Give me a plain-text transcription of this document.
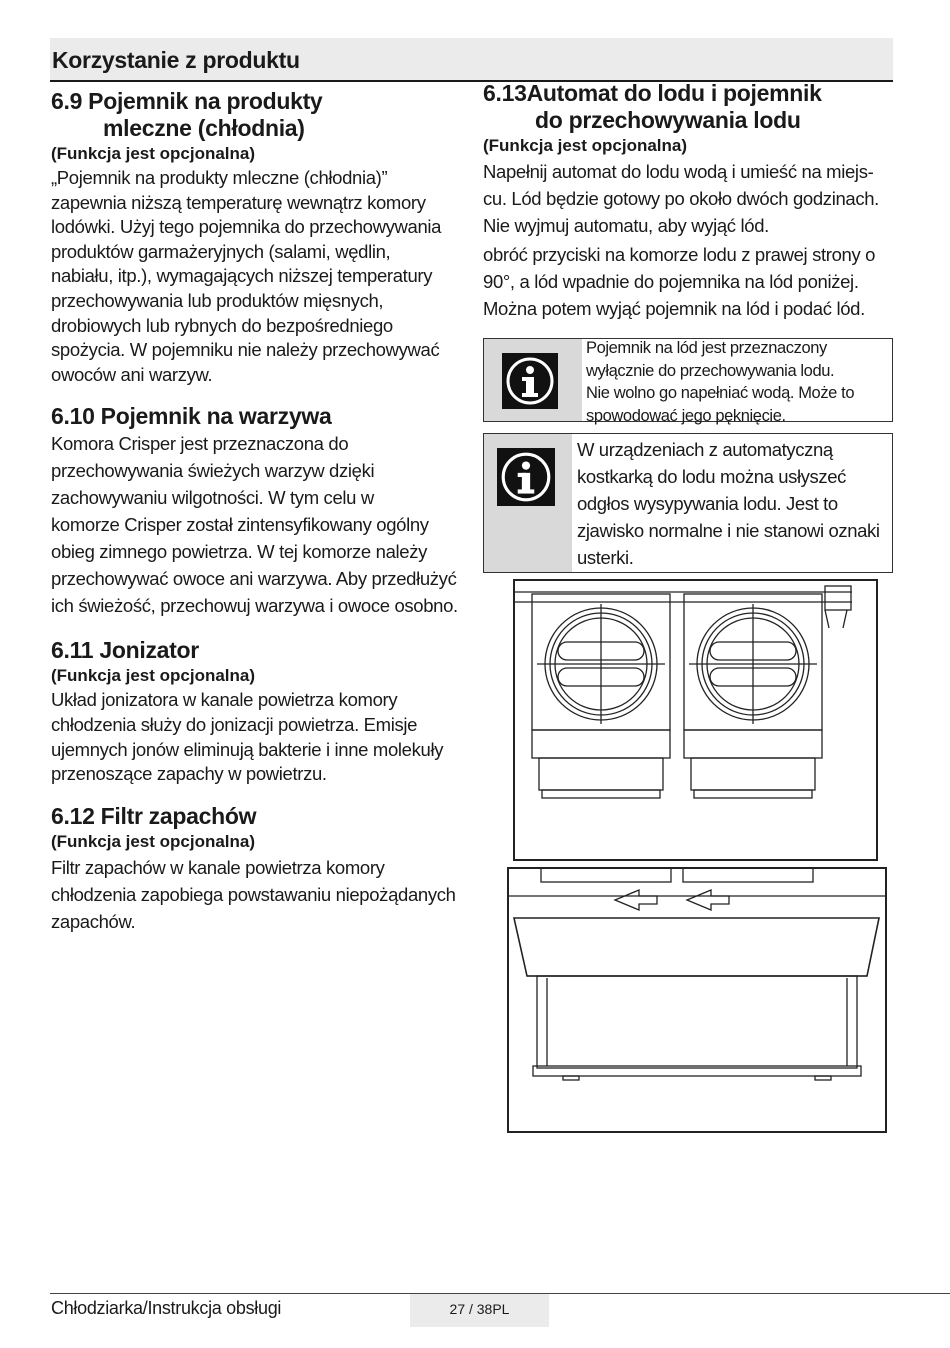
Korzystanie z produktu
6.9 Pojemnik na produkty
mleczne (chłodnia)
(Funkcja jest opcjonalna)

„Pojemnik na produkty mleczne (chłodnia)”
zapewnia niższą temperaturę wewnątrz komory
lodówki. Użyj tego pojemnika do przechowywania
produktów garmażeryjnych (salami, wędlin,
nabiału, itp.), wymagających niższej temperatury
przechowywania lub produktów mięsnych,
drobiowych lub rybnych do bezpośredniego
spożycia. W pojemniku nie należy przechowywać
owoców ani warzyw.

6.10 Pojemnik na warzywa

Komora Crisper jest przeznaczona do
przechowywania świeżych warzyw dzięki
zachowywaniu wilgotności. W tym celu w
komorze Crisper został zintensyfikowany ogólny
obieg zimnego powietrza. W tej komorze należy
przechowywać owoce ani warzywa. Aby przedłużyć
ich świeżość, przechowuj warzywa i owoce osobno.

6.11 Jonizator
(Funkcja jest opcjonalna)

Układ jonizatora w kanale powietrza komory
chłodzenia służy do jonizacji powietrza. Emisje
ujemnych jonów eliminują bakterie i inne molekuły
przenoszące zapachy w powietrzu.

6.12 Filtr zapachów
(Funkcja jest opcjonalna)

Filtr zapachów w kanale powietrza komory
chłodzenia zapobiega powstawaniu niepożądanych
zapachów.

6.13Automat do lodu i pojemnik
do przechowywania lodu
(Funkcja jest opcjonalna)

Napełnij automat do lodu wodą i umieść na miejs-
cu. Lód będzie gotowy po około dwóch godzinach.
Nie wyjmuj automatu, aby wyjąć lód.

obróć przyciski na komorze lodu z prawej strony o
90°, a lód wpadnie do pojemnika na lód poniżej.
Można potem wyjąć pojemnik na lód i podać lód.

Pojemnik na lód jest przeznaczony
wyłącznie do przechowywania lodu.
Nie wolno go napełniać wodą. Może to
spowodować jego pęknięcie.
W urządzeniach z automatyczną
kostkarką do lodu można usłyszeć
odgłos wysypywania lodu. Jest to
zjawisko normalne i nie stanowi oznaki
usterki.
Chłodziarka/Instrukcja obsługi	27 / 38PL
